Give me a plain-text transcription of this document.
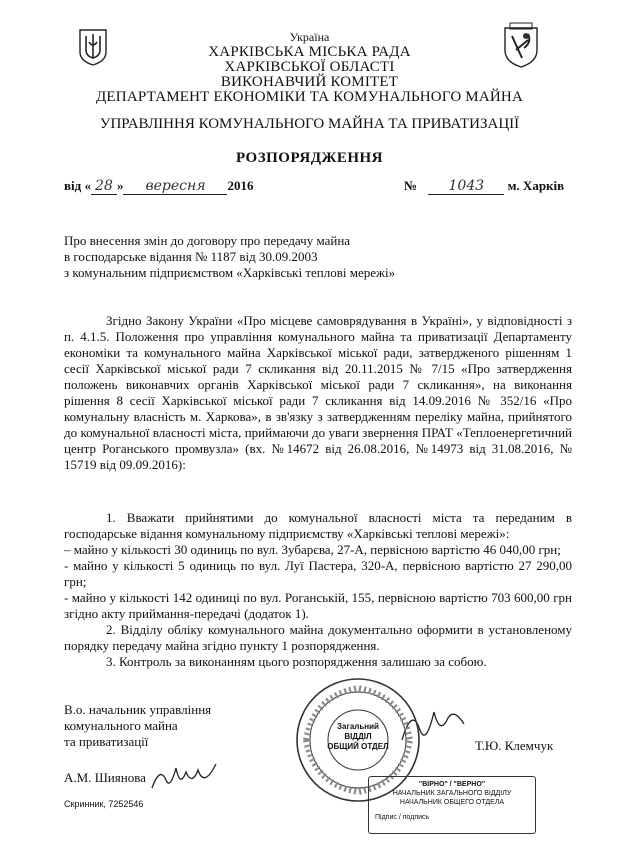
Україна
ХАРКІВСЬКА МІСЬКА РАДА
ХАРКІВСЬКОЇ ОБЛАСТІ
ВИКОНАВЧИЙ КОМІТЕТ
ДЕПАРТАМЕНТ ЕКОНОМІКИ ТА КОМУНАЛЬНОГО МАЙНА
УПРАВЛІННЯ КОМУНАЛЬНОГО МАЙНА ТА ПРИВАТИЗАЦІЇ
РОЗПОРЯДЖЕННЯ
від « 28 » вересня 2016	№ 1043 м. Харків
Про внесення змін до договору про передачу майна
в господарське відання № 1187 від 30.09.2003
з комунальним підприємством «Харківські теплові мережі»

Згідно Закону України «Про місцеве самоврядування в Україні», у відповідності з п. 4.1.5. Положення про управління комунального майна та приватизації Департаменту економіки та комунального майна Харківської міської ради, затвердженого рішенням 1 сесії Харківської міської ради 7 скликання від 20.11.2015 № 7/15 «Про затвердження положень виконавчих органів Харківської міської ради 7 скликання», на виконання рішення 8 сесії Харківської міської ради 7 скликання від 14.09.2016 № 352/16 «Про комунальну власність м. Харкова», в зв'язку з затвердженням переліку майна, прийнятого до комунальної власності міста, приймаючи до уваги звернення ПРАТ «Теплоенергетичний центр Роганського промвузла» (вх. №14672 від 26.08.2016, №14973 від 31.08.2016, № 15719 від 09.09.2016):

1. Вважати прийнятими до комунальної власності міста та переданим в господарське відання комунальному підприємству «Харківські теплові мережі»:

– майно у кількості 30 одиниць по вул. Зубарєва, 27-А, первісною вартістю 46 040,00 грн;

- майно у кількості 5 одиниць по вул. Луї Пастера, 320-А, первісною вартістю 27 290,00 грн;

- майно у кількості 142 одиниці по вул. Роганській, 155, первісною вартістю 703 600,00 грн згідно акту приймання-передачі (додаток 1).

2. Відділу обліку комунального майна документально оформити в установленому порядку передачу майна згідно пункту 1 розпорядження.

3. Контроль за виконанням цього розпорядження залишаю за собою.

В.о. начальник управління
комунального майна
та приватизації	Т.Ю. Клемчук
А.М. Шиянова
Скринник, 7252546
Загальний
ВІДДІЛ
ОБЩИЙ ОТДЕЛ
"ВІРНО" / "ВЕРНО"
НАЧАЛЬНИК ЗАГАЛЬНОГО ВІДДІЛУ
НАЧАЛЬНИК ОБЩЕГО ОТДЕЛА
Підпис / подпись
